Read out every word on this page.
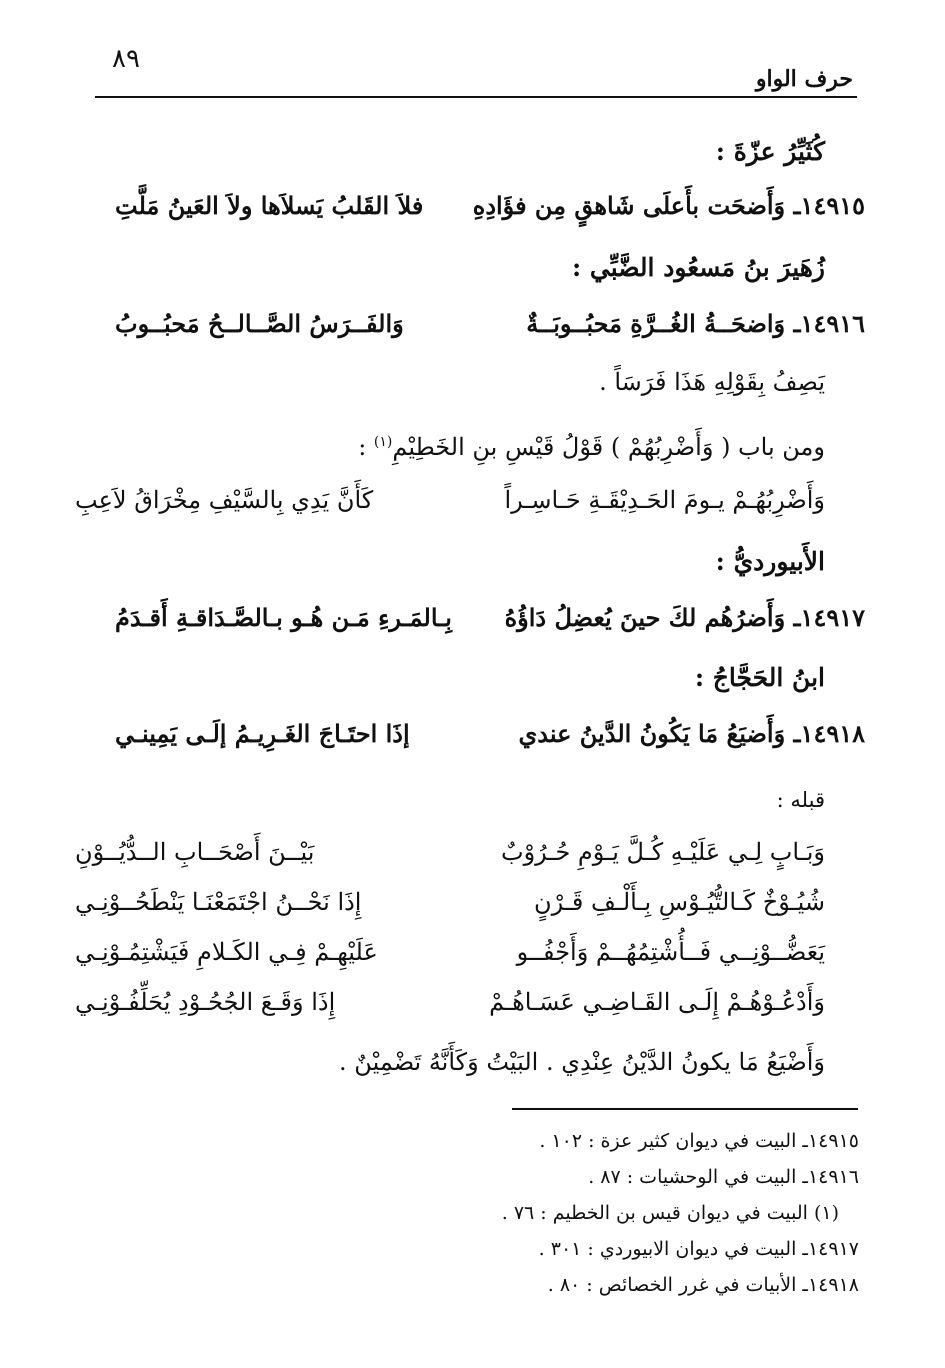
٨٩
حرف الواو
كُثَيِّرُ عزّةَ :
١٤٩١٥ـ وَأَضحَت بأَعلَى شَاهقٍ مِن فؤَادِهِ
فلاَ القَلبُ يَسلاَها ولاَ العَينُ مَلَّتِ
زُهَيرَ بنُ مَسعُود الضَّبِّي :
١٤٩١٦ـ وَاضحَــةُ الغُــرَّةِ مَحبُــوبَــةٌ
وَالفَــرَسُ الصَّــالــحُ مَحبُــوبُ
يَصِفُ بِقَوْلِهِ هَذَا فَرَسَاً .
ومن باب ( وَأَضْرِبُهُمْ ) قَوْلُ قَيْسِ بنِ الخَطِيْمِ$^{(١)}$ :
وَأَضْرِبُهُـمْ يـومَ الحَـدِيْقَـةِ حَـاسِـراً
كَأَنَّ يَدِي بِالسَّيْفِ مِخْرَاقُ لاَعِبِ
الأَبيورديُّ :
١٤٩١٧ـ وَأَضرُهُم لكَ حينَ يُعضِلُ دَاؤُهُ
بِـالمَـرءِ مَـن هُـو بـالصَّـدَاقـةِ أَقـدَمُ
ابنُ الحَجَّاجُ :
١٤٩١٨ـ وَأَضيَعُ مَا يَكُونُ الدَّينُ عندي
إذَا احتَـاجَ الغَـرِيـمُ إلَـى يَمِينـي
قبله :
وَبَـابٍ لِـي عَلَيْـهِ كُـلَّ يَـوْمِ حُـرُوْبٌ
بَيْــنَ أَصْحَــابِ الــدُّيُــوْنِ
شُيُـوْخٌ كَـالتُّيُـوْسِ بِـأَلْـفِ قَـرْنٍ
إِذَا نَحْــنُ اجْتَمَعْنَـا يَنْطَحُــوْنِـي
يَعَضُّــوْنِــي فَــأُشْتِمُهُــمْ وَأَجْفُــو
عَلَيْهِـمْ فِـي الكَـلامِ فَيَشْتِمُـوْنِـي
وَأَدْعُـوْهُـمْ إِلَـى القَـاضِـي عَسَـاهُـمْ
إِذَا وَقَـعَ الجُحُـوْدِ يُحَلِّفُـوْنِـي
وَأَضْيَعُ مَا يكونُ الدَّيْنُ عِنْدِي . البَيْتُ وَكَأَنَّهُ تَضْمِيْنٌ .
١٤٩١٥ـ البيت في ديوان كثير عزة : ١٠٢ .
١٤٩١٦ـ البيت في الوحشيات : ٨٧ .
(١) البيت في ديوان قيس بن الخطيم : ٧٦ .
١٤٩١٧ـ البيت في ديوان الابيوردي : ٣٠١ .
١٤٩١٨ـ الأبيات في غرر الخصائص : ٨٠ .
